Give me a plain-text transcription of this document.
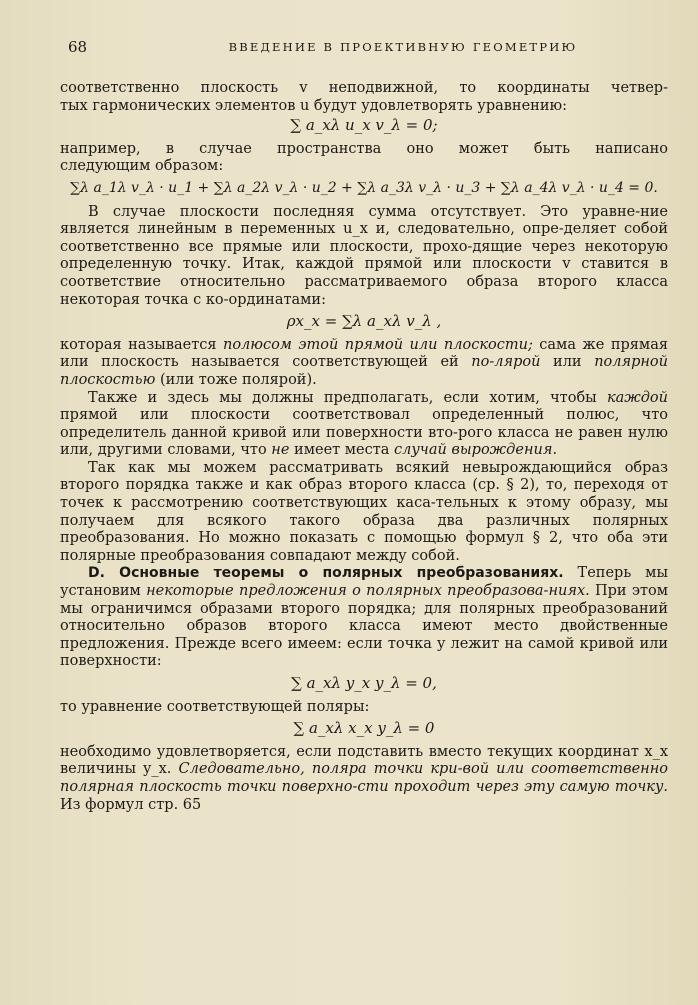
68	ВВЕДЕНИЕ В ПРОЕКТИВНУЮ ГЕОМЕТРИЮ

соответственно плоскость v неподвижной, то координаты четвер-
тых гармонических элементов u будут удовлетворять уравнению:

∑ a_xλ u_x v_λ = 0;

например, в случае пространства оно может быть написано
следующим образом:

∑λ a_1λ v_λ · u_1 + ∑λ a_2λ v_λ · u_2 + ∑λ a_3λ v_λ · u_3 + ∑λ a_4λ v_λ · u_4 = 0.

В случае плоскости последняя сумма отсутствует. Это уравне-ние является линейным в переменных u_x и, следовательно, опре-деляет собой соответственно все прямые или плоскости, прохо-дящие через некоторую определенную точку. Итак, каждой прямой или плоскости v ставится в соответствие относительно рассматриваемого образа второго класса некоторая точка с ко-ординатами:

ρx_x = ∑λ a_xλ v_λ ,

которая называется полюсом этой прямой или плоскости; сама же прямая или плоскость называется соответствующей ей по-лярой или полярной плоскостью (или тоже полярой).

Также и здесь мы должны предполагать, если хотим, чтобы каждой прямой или плоскости соответствовал определенный полюс, что определитель данной кривой или поверхности вто-рого класса не равен нулю или, другими словами, что не имеет места случай вырождения.

Так как мы можем рассматривать всякий невырождающийся образ второго порядка также и как образ второго класса (ср. § 2), то, переходя от точек к рассмотрению соответствующих каса-тельных к этому образу, мы получаем для всякого такого образа два различных полярных преобразования. Но можно показать с помощью формул § 2, что оба эти полярные преобразования совпадают между собой.

D. Основные теоремы о полярных преобразованиях. Теперь мы установим некоторые предложения о полярных преобразова-ниях. При этом мы ограничимся образами второго порядка; для полярных преобразований относительно образов второго класса имеют место двойственные предложения. Прежде всего имеем: если точка y лежит на самой кривой или поверхности:

∑ a_xλ y_x y_λ = 0,

то уравнение соответствующей поляры:

∑ a_xλ x_x y_λ = 0

необходимо удовлетворяется, если подставить вместо текущих координат x_x величины y_x. Следовательно, поляра точки кри-вой или соответственно полярная плоскость точки поверхно-сти проходит через эту самую точку. Из формул стр. 65
